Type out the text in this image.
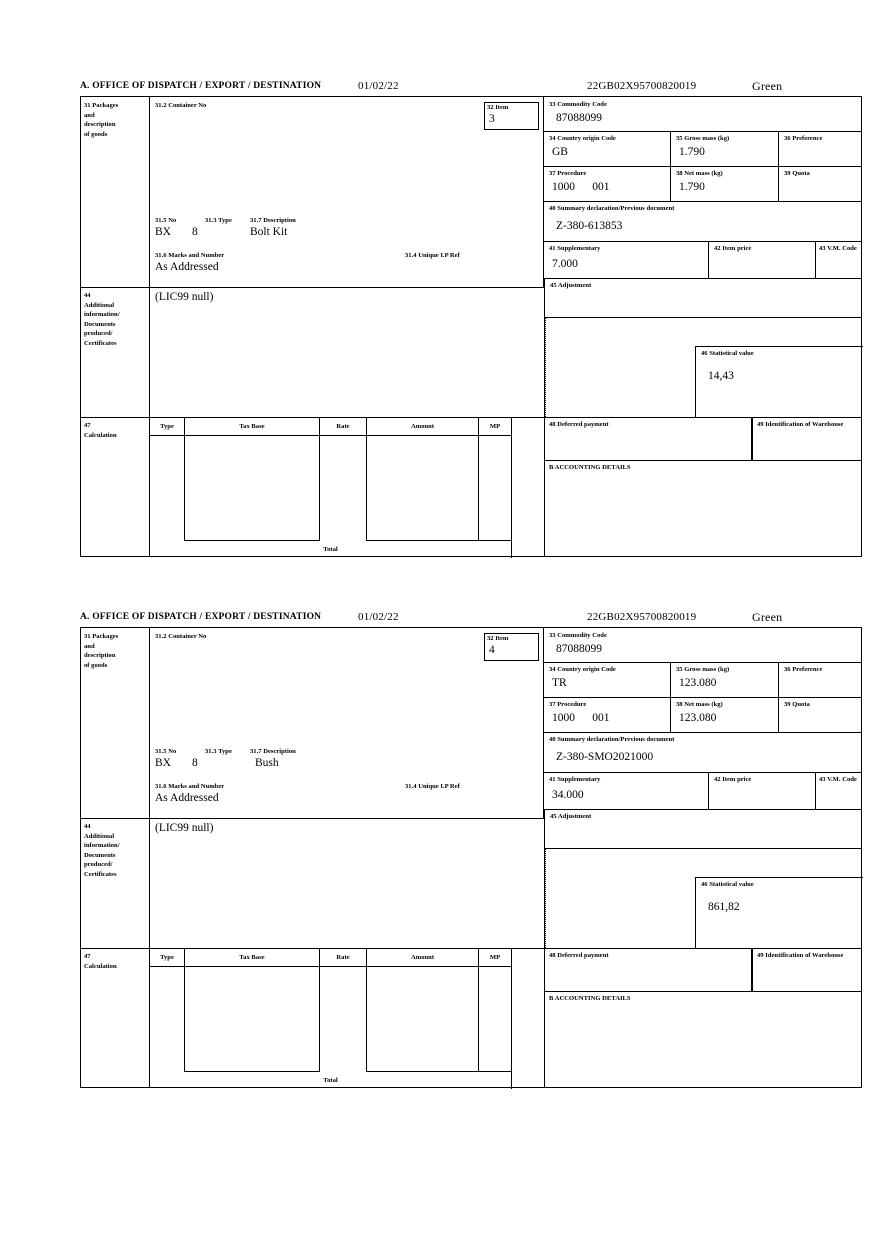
A. OFFICE OF DISPATCH / EXPORT / DESTINATION	01/02/22	22GB02X95700820019	Green
31 Packages
and
description
of goods
31.2 Container No
31.5 No	31.3 Type	31.7 Description
BX 8	Bolt Kit
31.6 Marks and Number	31.4 Unique I.P Ref
As Addressed
32 Item
3
33 Commodity Code
87088099
34 Country origin Code
GB
35 Gross mass (kg)
1.790
36 Preference
37 Procedure
1000      001
38 Net mass (kg)
1.790
39 Quota
40 Summary declaration/Previous document
Z-380-613853
41 Supplementary
7.000
42 Item price	43 V.M. Code
44
Additional
information/
Documents
produced/
Certificates
(LIC99 null)
45 Adjustment
46 Statistical value
14,43
47
Calculation
Type	Tax Base	Rate	Amount	MP
Total
48 Deferred payment	49 Identification of Warehouse
B ACCOUNTING DETAILS
A. OFFICE OF DISPATCH / EXPORT / DESTINATION	01/02/22	22GB02X95700820019	Green
31 Packages
and
description
of goods
31.2 Container No
31.5 No	31.3 Type	31.7 Description
BX 8	Bush
31.6 Marks and Number	31.4 Unique I.P Ref
As Addressed
32 Item
4
33 Commodity Code
87088099
34 Country origin Code
TR
35 Gross mass (kg)
123.080
36 Preference
37 Procedure
1000      001
38 Net mass (kg)
123.080
39 Quota
40 Summary declaration/Previous document
Z-380-SMO2021000
41 Supplementary
34.000
42 Item price	43 V.M. Code
44
Additional
information/
Documents
produced/
Certificates
(LIC99 null)
45 Adjustment
46 Statistical value
861,82
47
Calculation
Type	Tax Base	Rate	Amount	MP
Total
48 Deferred payment	49 Identification of Warehouse
B ACCOUNTING DETAILS
